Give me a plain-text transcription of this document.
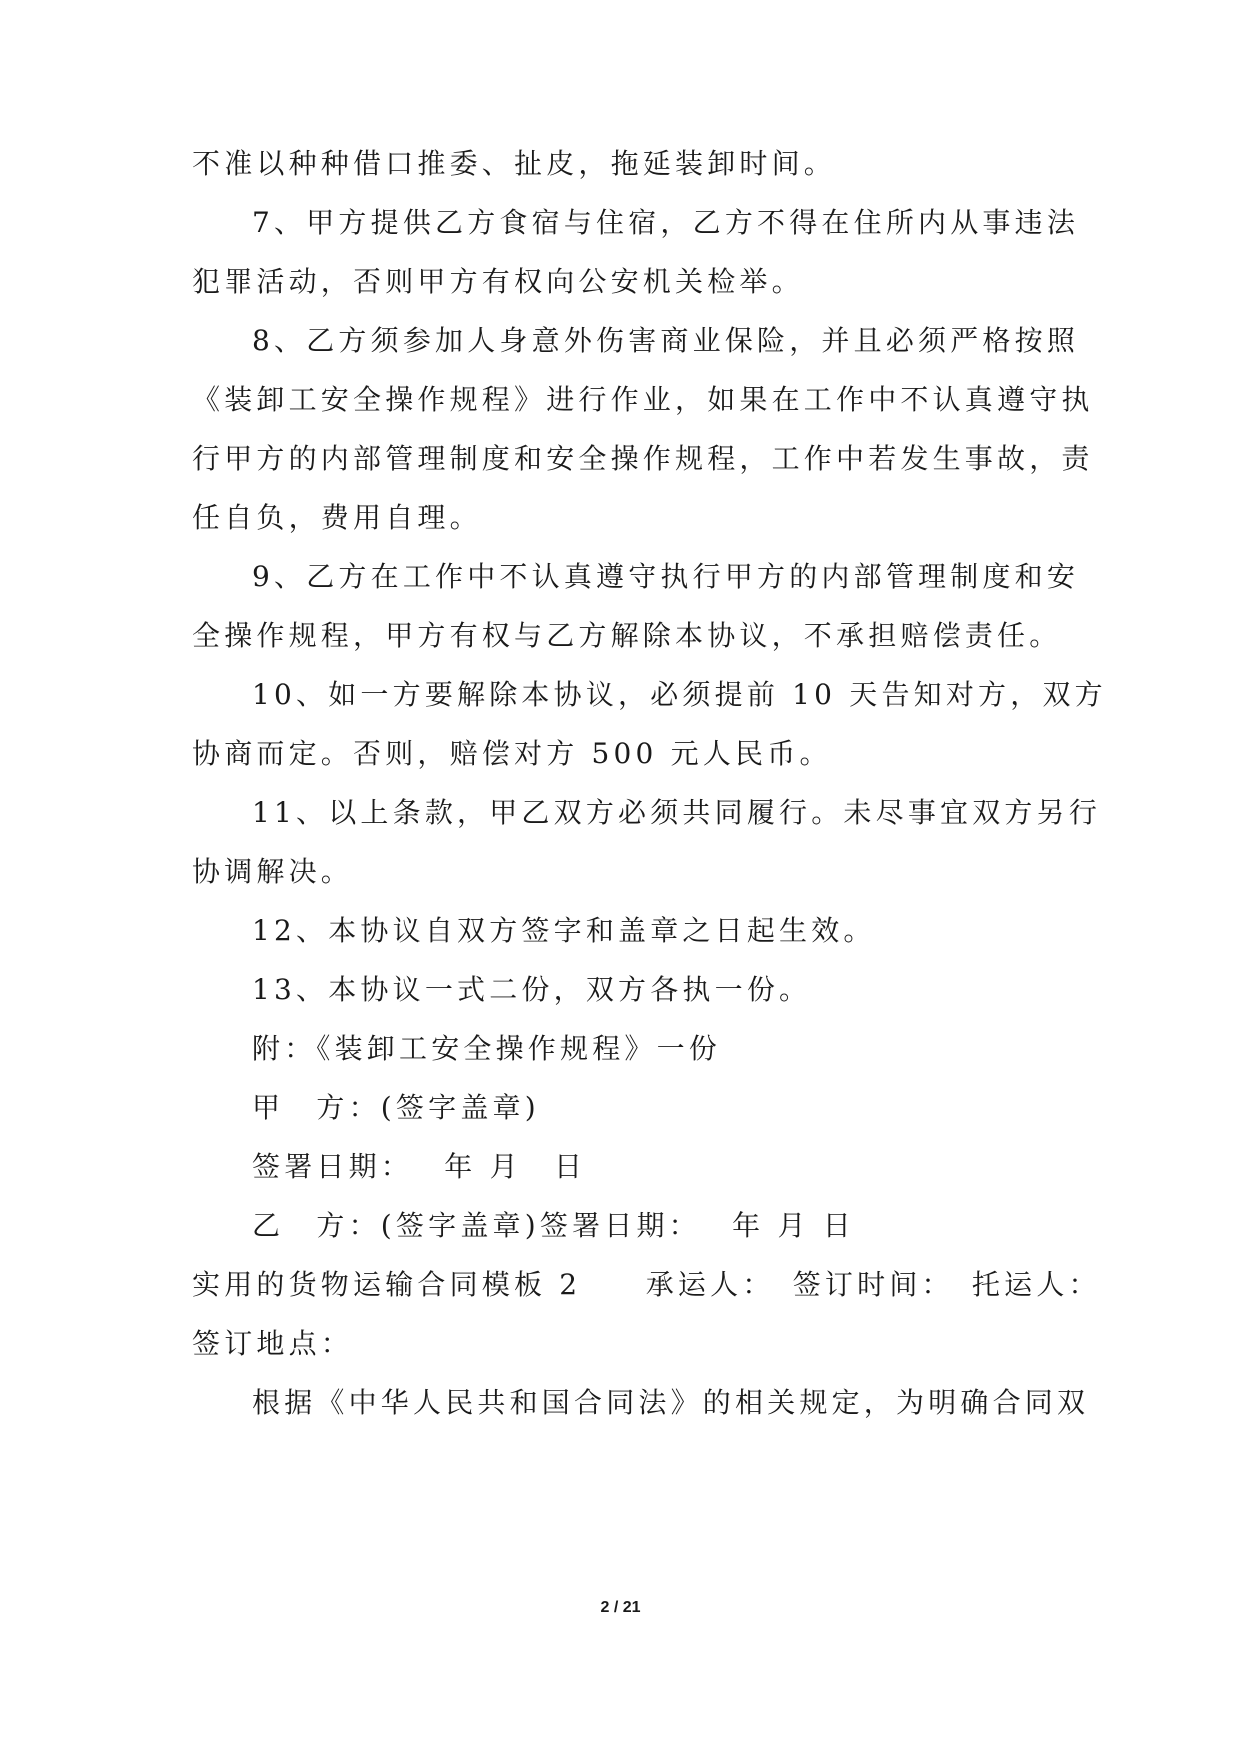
不准以种种借口推委、扯皮，拖延装卸时间。
7、甲方提供乙方食宿与住宿，乙方不得在住所内从事违法
犯罪活动，否则甲方有权向公安机关检举。
8、乙方须参加人身意外伤害商业保险，并且必须严格按照
《装卸工安全操作规程》进行作业，如果在工作中不认真遵守执
行甲方的内部管理制度和安全操作规程，工作中若发生事故，责
任自负，费用自理。
9、乙方在工作中不认真遵守执行甲方的内部管理制度和安
全操作规程，甲方有权与乙方解除本协议，不承担赔偿责任。
10、如一方要解除本协议，必须提前 10 天告知对方，双方
协商而定。否则，赔偿对方 500 元人民币。
11、以上条款，甲乙双方必须共同履行。未尽事宜双方另行
协调解决。
12、本协议自双方签字和盖章之日起生效。
13、本协议一式二份，双方各执一份。
附：《装卸工安全操作规程》一份
甲　方：(签字盖章)
签署日期：　 年 月　日
乙　方：(签字盖章)签署日期：　 年 月 日
实用的货物运输合同模板 2　　承运人：　签订时间：　托运人：
签订地点：
根据《中华人民共和国合同法》的相关规定，为明确合同双
2 / 21
